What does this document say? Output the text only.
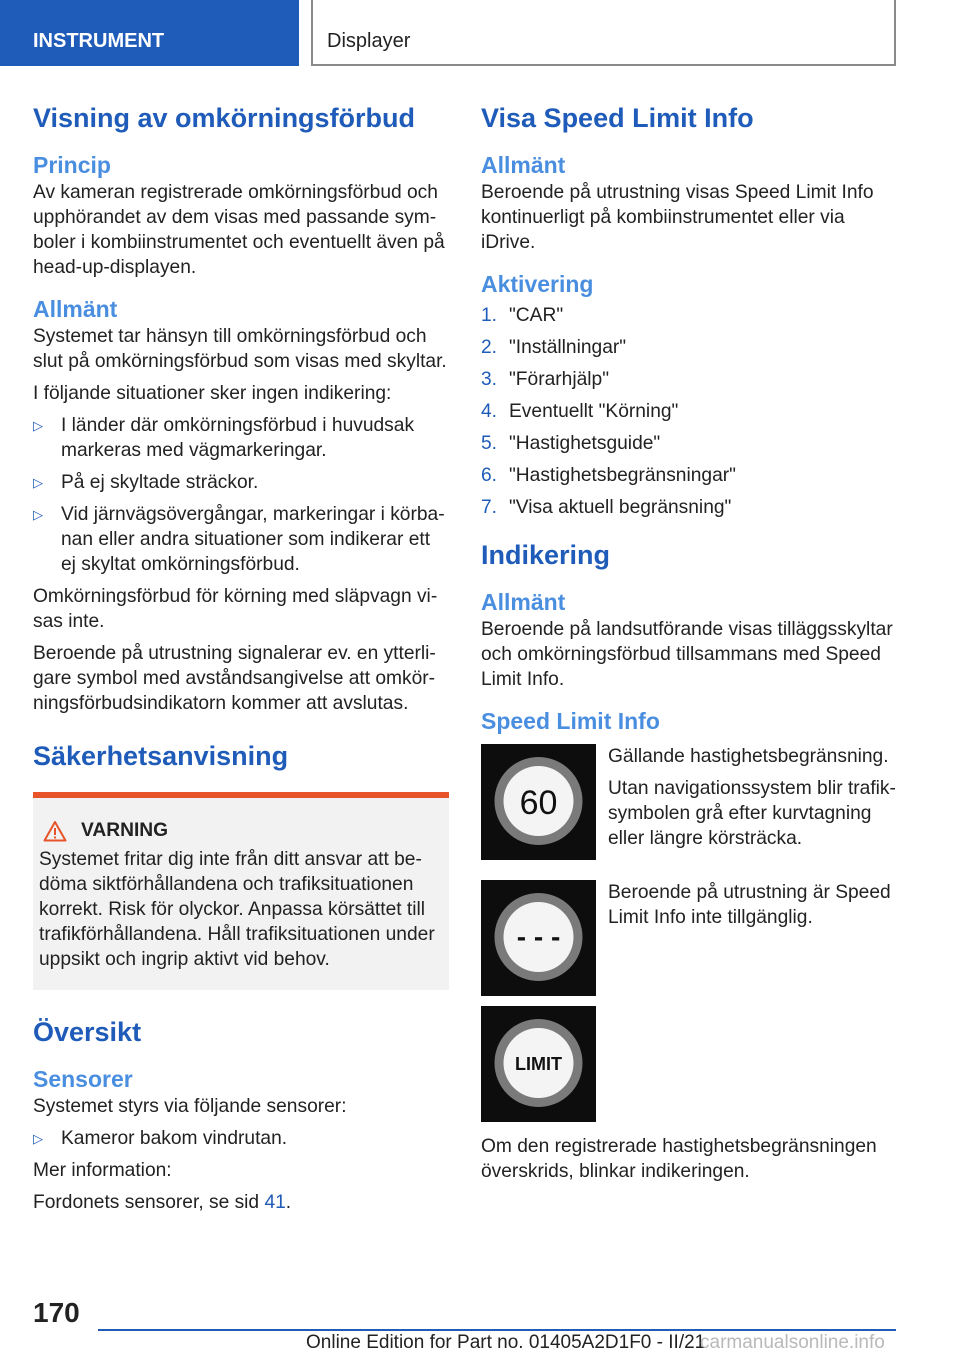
INSTRUMENT	Displayer
Visning av omkörningsförbud
Princip

Av kameran registrerade omkörningsförbud och upphörandet av dem visas med passande symboler i kombiinstrumentet och eventuellt även på head-up-displayen.

Allmänt

Systemet tar hänsyn till omkörningsförbud och slut på omkörningsförbud som visas med skyltar.

I följande situationer sker ingen indikering:

▷ I länder där omkörningsförbud i huvudsak markeras med vägmarkeringar.
▷ På ej skyltade sträckor.
▷ Vid järnvägsövergångar, markeringar i körbanan eller andra situationer som indikerar ett ej skyltat omkörningsförbud.

Omkörningsförbud för körning med släpvagn visas inte.

Beroende på utrustning signalerar ev. en ytterligare symbol med avståndsangivelse att omkörningsförbudsindikatorn kommer att avslutas.

Säkerhetsanvisning
VARNING

Systemet fritar dig inte från ditt ansvar att bedöma siktförhållandena och trafiksituationen korrekt. Risk för olyckor. Anpassa körsättet till trafikförhållandena. Håll trafiksituationen under uppsikt och ingrip aktivt vid behov.

Översikt
Sensorer

Systemet styrs via följande sensorer:

▷ Kameror bakom vindrutan.

Mer information:

Fordonets sensorer, se sid 41.

Visa Speed Limit Info
Allmänt

Beroende på utrustning visas Speed Limit Info kontinuerligt på kombiinstrumentet eller via iDrive.

Aktivering
1. "CAR"
2. "Inställningar"
3. "Förarhjälp"
4. Eventuellt "Körning"
5. "Hastighetsguide"
6. "Hastighetsbegränsningar"
7. "Visa aktuell begränsning"
Indikering
Allmänt

Beroende på landsutförande visas tilläggsskyltar och omkörningsförbud tillsammans med Speed Limit Info.

Speed Limit Info
60

Gällande hastighetsbegränsning.

Utan navigationssystem blir trafiksymbolen grå efter kurvtagning eller längre körsträcka.

- - -

Beroende på utrustning är Speed Limit Info inte tillgänglig.

LIMIT

Om den registrerade hastighetsbegränsningen överskrids, blinkar indikeringen.

170
Online Edition for Part no. 01405A2D1F0 - II/21
carmanualsonline.info
